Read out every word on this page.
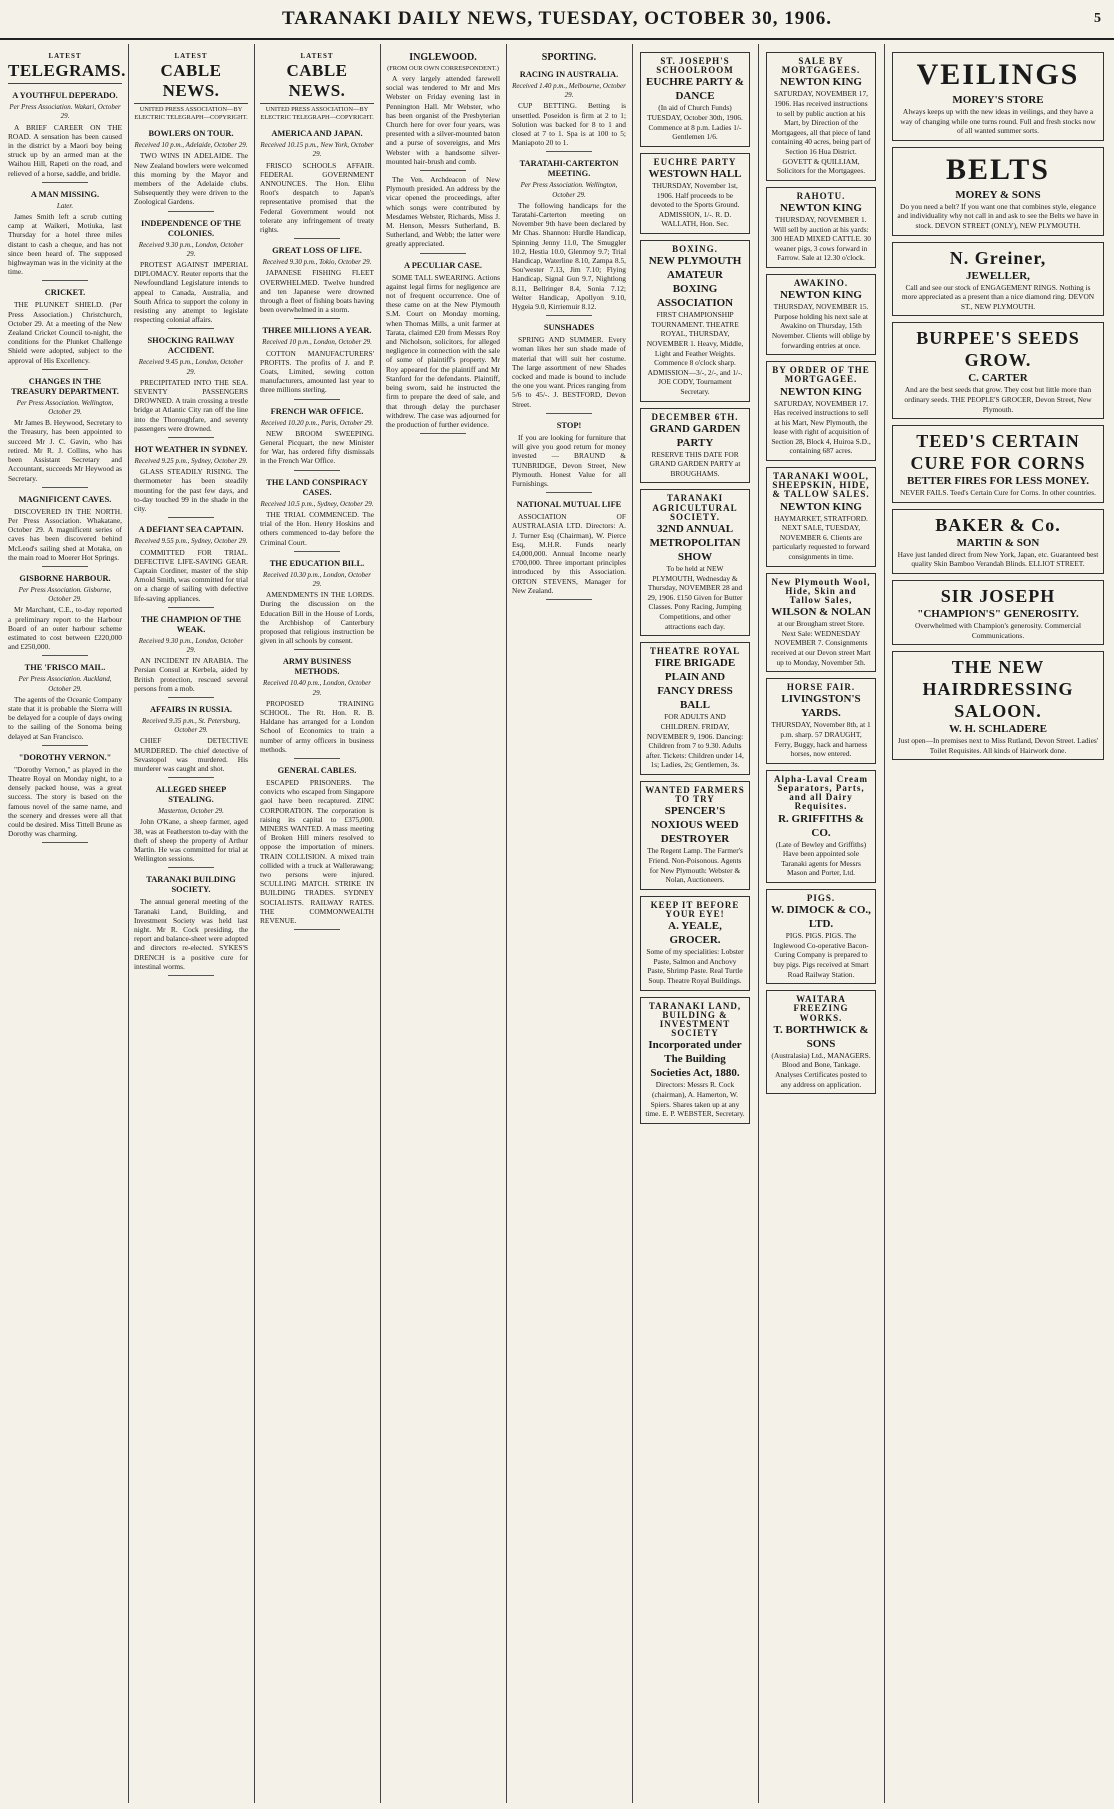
TARANAKI DAILY NEWS, TUESDAY, OCTOBER 30, 1906.	5
LATEST
TELEGRAMS.
A YOUTHFUL DEPERADO.
Per Press Association. Wakari, October 29.
A BRIEF CAREER ON THE ROAD. A sensation has been caused in the district by a Maori boy being struck up by an armed man at the Waihou Hill, Rapeti on the road, and relieved of a horse, saddle, and bridle.
A MAN MISSING.
Later.
James Smith left a scrub cutting camp at Waikeri, Motiuka, last Thursday for a hotel three miles distant to cash a cheque, and has not since been heard of. The supposed highwayman was in the vicinity at the time.
CRICKET.
THE PLUNKET SHIELD. (Per Press Association.) Christchurch, October 29. At a meeting of the New Zealand Cricket Council to-night, the conditions for the Plunket Challenge Shield were adopted, subject to the approval of His Excellency.
CHANGES IN THE TREASURY DEPARTMENT.
Per Press Association. Wellington, October 29.
Mr James B. Heywood, Secretary to the Treasury, has been appointed to succeed Mr J. C. Gavin, who has retired. Mr R. J. Collins, who has been Assistant Secretary and Accountant, succeeds Mr Heywood as Secretary.
MAGNIFICENT CAVES.
DISCOVERED IN THE NORTH. Per Press Association. Whakatane, October 29. A magnificent series of caves has been discovered behind McLeod's sailing shed at Motaka, on the main road to Moerer Hot Springs.
GISBORNE HARBOUR.
Per Press Association. Gisborne, October 29.
Mr Marchant, C.E., to-day reported a preliminary report to the Harbour Board of an outer harbour scheme estimated to cost between £220,000 and £250,000.
THE 'FRISCO MAIL.
Per Press Association. Auckland, October 29.
The agents of the Oceanic Company state that it is probable the Sierra will be delayed for a couple of days owing to the sailing of the Sonoma being delayed at San Francisco.
"DOROTHY VERNON."
"Dorothy Vernon," as played in the Theatre Royal on Monday night, to a densely packed house, was a great success. The story is based on the famous novel of the same name, and the scenery and dresses were all that could be desired. Miss Tittell Brune as Dorothy was charming.
LATEST
CABLE NEWS.
UNITED PRESS ASSOCIATION—BY ELECTRIC TELEGRAPH—COPYRIGHT.
BOWLERS ON TOUR.
Received 10 p.m., Adelaide, October 29.
TWO WINS IN ADELAIDE. The New Zealand bowlers were welcomed this morning by the Mayor and members of the Adelaide clubs. Subsequently they were driven to the Zoological Gardens.
INDEPENDENCE OF THE COLONIES.
Received 9.30 p.m., London, October 29.
PROTEST AGAINST IMPERIAL DIPLOMACY. Reuter reports that the Newfoundland Legislature intends to appeal to Canada, Australia, and South Africa to support the colony in resisting any attempt to legislate respecting colonial affairs.
SHOCKING RAILWAY ACCIDENT.
Received 9.45 p.m., London, October 29.
PRECIPITATED INTO THE SEA. SEVENTY PASSENGERS DROWNED. A train crossing a trestle bridge at Atlantic City ran off the line into the Thoroughfare, and seventy passengers were drowned.
HOT WEATHER IN SYDNEY.
Received 9.25 p.m., Sydney, October 29.
GLASS STEADILY RISING. The thermometer has been steadily mounting for the past few days, and to-day touched 99 in the shade in the city.
A DEFIANT SEA CAPTAIN.
Received 9.55 p.m., Sydney, October 29.
COMMITTED FOR TRIAL. DEFECTIVE LIFE-SAVING GEAR. Captain Cordiner, master of the ship Arnold Smith, was committed for trial on a charge of sailing with defective life-saving appliances.
THE CHAMPION OF THE WEAK.
Received 9.30 p.m., London, October 29.
AN INCIDENT IN ARABIA. The Persian Consul at Kerbela, aided by British protection, rescued several persons from a mob.
AFFAIRS IN RUSSIA.
Received 9.35 p.m., St. Petersburg, October 29.
CHIEF DETECTIVE MURDERED. The chief detective of Sevastopol was murdered. His murderer was caught and shot.
ALLEGED SHEEP STEALING.
Masterton, October 29.
John O'Kane, a sheep farmer, aged 38, was at Featherston to-day with the theft of sheep the property of Arthur Martin. He was committed for trial at Wellington sessions.
TARANAKI BUILDING SOCIETY.
The annual general meeting of the Taranaki Land, Building, and Investment Society was held last night. Mr R. Cock presiding, the report and balance-sheet were adopted and directors re-elected. SYKES'S DRENCH is a positive cure for intestinal worms.
LATEST
CABLE NEWS.
UNITED PRESS ASSOCIATION—BY ELECTRIC TELEGRAPH—COPYRIGHT.
AMERICA AND JAPAN.
Received 10.15 p.m., New York, October 29.
FRISCO SCHOOLS AFFAIR. FEDERAL GOVERNMENT ANNOUNCES. The Hon. Elihu Root's despatch to Japan's representative promised that the Federal Government would not tolerate any infringement of treaty rights.
GREAT LOSS OF LIFE.
Received 9.30 p.m., Tokio, October 29.
JAPANESE FISHING FLEET OVERWHELMED. Twelve hundred and ten Japanese were drowned through a fleet of fishing boats having been overwhelmed in a storm.
THREE MILLIONS A YEAR.
Received 10 p.m., London, October 29.
COTTON MANUFACTURERS' PROFITS. The profits of J. and P. Coats, Limited, sewing cotton manufacturers, amounted last year to three millions sterling.
FRENCH WAR OFFICE.
Received 10.20 p.m., Paris, October 29.
NEW BROOM SWEEPING. General Picquart, the new Minister for War, has ordered fifty dismissals in the French War Office.
THE LAND CONSPIRACY CASES.
Received 10.5 p.m., Sydney, October 29.
THE TRIAL COMMENCED. The trial of the Hon. Henry Hoskins and others commenced to-day before the Criminal Court.
THE EDUCATION BILL.
Received 10.30 p.m., London, October 29.
AMENDMENTS IN THE LORDS. During the discussion on the Education Bill in the House of Lords, the Archbishop of Canterbury proposed that religious instruction be given in all schools by consent.
ARMY BUSINESS METHODS.
Received 10.40 p.m., London, October 29.
PROPOSED TRAINING SCHOOL. The Rt. Hon. R. B. Haldane has arranged for a London School of Economics to train a number of army officers in business methods.
GENERAL CABLES.
ESCAPED PRISONERS. The convicts who escaped from Singapore gaol have been recaptured. ZINC CORPORATION. The corporation is raising its capital to £375,000. MINERS WANTED. A mass meeting of Broken Hill miners resolved to oppose the importation of miners. TRAIN COLLISION. A mixed train collided with a truck at Wallerawang; two persons were injured. SCULLING MATCH. STRIKE IN BUILDING TRADES. SYDNEY SOCIALISTS. RAILWAY RATES. THE COMMONWEALTH REVENUE.
INGLEWOOD.
(FROM OUR OWN CORRESPONDENT.)
A very largely attended farewell social was tendered to Mr and Mrs Webster on Friday evening last in Pennington Hall. Mr Webster, who has been organist of the Presbyterian Church here for over four years, was presented with a silver-mounted baton and a purse of sovereigns, and Mrs Webster with a handsome silver-mounted hair-brush and comb.
The Ven. Archdeacon of New Plymouth presided. An address by the vicar opened the proceedings, after which songs were contributed by Mesdames Webster, Richards, Miss J. M. Henson, Messrs Sutherland, B. Sutherland, and Webb; the latter were greatly appreciated.
A PECULIAR CASE.
SOME TALL SWEARING. Actions against legal firms for negligence are not of frequent occurrence. One of these came on at the New Plymouth S.M. Court on Monday morning, when Thomas Mills, a unit farmer at Tarata, claimed £20 from Messrs Roy and Nicholson, solicitors, for alleged negligence in connection with the sale of some of plaintiff's property. Mr Roy appeared for the plaintiff and Mr Stanford for the defendants. Plaintiff, being sworn, said he instructed the firm to prepare the deed of sale, and that through delay the purchaser withdrew. The case was adjourned for the production of further evidence.
SPORTING.
RACING IN AUSTRALIA.
Received 1.40 p.m., Melbourne, October 29.
CUP BETTING. Betting is unsettled. Poseidon is firm at 2 to 1; Solution was backed for 8 to 1 and closed at 7 to 1. Spa is at 100 to 5; Maniapoto 20 to 1.
TARATAHI-CARTERTON MEETING.
Per Press Association. Wellington, October 29.
The following handicaps for the Taratahi-Carterton meeting on November 9th have been declared by Mr Chas. Shannon: Hurdle Handicap, Spinning Jenny 11.0, The Smuggler 10.2, Hestia 10.0, Glenmoy 9.7; Trial Handicap, Waterline 8.10, Zampa 8.5, Sou'wester 7.13, Jim 7.10; Flying Handicap, Signal Gun 9.7, Nightlong 8.11, Bellringer 8.4, Sonia 7.12; Welter Handicap, Apollyon 9.10, Hygeia 9.0, Kirriemuir 8.12.
SUNSHADES
SPRING AND SUMMER. Every woman likes her sun shade made of material that will suit her costume. The large assortment of new Shades cocked and made is bound to include the one you want. Prices ranging from 5/6 to 45/-. J. BESTFORD, Devon Street.
STOP!
If you are looking for furniture that will give you good return for money invested — BRAUND & TUNBRIDGE, Devon Street, New Plymouth. Honest Value for all Furnishings.
NATIONAL MUTUAL LIFE
ASSOCIATION OF AUSTRALASIA LTD. Directors: A. J. Turner Esq (Chairman), W. Pierce Esq, M.H.R. Funds nearly £4,000,000. Annual Income nearly £700,000. Three important principles introduced by this Association. ORTON STEVENS, Manager for New Zealand.
ST. JOSEPH'S SCHOOLROOM
EUCHRE PARTY & DANCE
(In aid of Church Funds) TUESDAY, October 30th, 1906. Commence at 8 p.m. Ladies 1/- Gentlemen 1/6.
EUCHRE PARTY
WESTOWN HALL
THURSDAY, November 1st, 1906. Half proceeds to be devoted to the Sports Ground. ADMISSION, 1/-. R. D. WALLATH, Hon. Sec.
BOXING.
NEW PLYMOUTH AMATEUR BOXING ASSOCIATION
FIRST CHAMPIONSHIP TOURNAMENT. THEATRE ROYAL, THURSDAY, NOVEMBER 1. Heavy, Middle, Light and Feather Weights. Commence 8 o'clock sharp. ADMISSION—3/-, 2/-, and 1/-. JOE CODY, Tournament Secretary.
DECEMBER 6TH.
GRAND GARDEN PARTY
RESERVE THIS DATE FOR GRAND GARDEN PARTY at BROUGHAMS.
TARANAKI AGRICULTURAL SOCIETY.
32ND ANNUAL METROPOLITAN SHOW
To be held at NEW PLYMOUTH, Wednesday & Thursday, NOVEMBER 28 and 29, 1906. £150 Given for Butter Classes. Pony Racing, Jumping Competitions, and other attractions each day.
THEATRE ROYAL
FIRE BRIGADE PLAIN AND FANCY DRESS BALL
FOR ADULTS AND CHILDREN. FRIDAY, NOVEMBER 9, 1906. Dancing: Children from 7 to 9.30. Adults after. Tickets: Children under 14, 1s; Ladies, 2s; Gentlemen, 3s.
WANTED FARMERS TO TRY
SPENCER'S NOXIOUS WEED DESTROYER
The Regent Lamp. The Farmer's Friend. Non-Poisonous. Agents for New Plymouth: Webster & Nolan, Auctioneers.
KEEP IT BEFORE YOUR EYE!
A. YEALE, GROCER.
Some of my specialities: Lobster Paste, Salmon and Anchovy Paste, Shrimp Paste. Real Turtle Soup. Theatre Royal Buildings.
TARANAKI LAND, BUILDING & INVESTMENT SOCIETY
Incorporated under The Building Societies Act, 1880.
Directors: Messrs R. Cock (chairman), A. Hamerton, W. Spiers. Shares taken up at any time. E. P. WEBSTER, Secretary.
SALE BY MORTGAGEES.
NEWTON KING
SATURDAY, NOVEMBER 17, 1906. Has received instructions to sell by public auction at his Mart, by Direction of the Mortgagees, all that piece of land containing 40 acres, being part of Section 16 Hua District. GOVETT & QUILLIAM, Solicitors for the Mortgagees.
RAHOTU.
NEWTON KING
THURSDAY, NOVEMBER 1. Will sell by auction at his yards: 300 HEAD MIXED CATTLE. 30 weaner pigs, 3 cows forward in Farrow. Sale at 12.30 o'clock.
AWAKINO.
NEWTON KING
THURSDAY, NOVEMBER 15. Purpose holding his next sale at Awakino on Thursday, 15th November. Clients will oblige by forwarding entries at once.
BY ORDER OF THE MORTGAGEE.
NEWTON KING
SATURDAY, NOVEMBER 17. Has received instructions to sell at his Mart, New Plymouth, the lease with right of acquisition of Section 28, Block 4, Huiroa S.D., containing 687 acres.
TARANAKI WOOL, SHEEPSKIN, HIDE, & TALLOW SALES.
NEWTON KING
HAYMARKET, STRATFORD. NEXT SALE, TUESDAY, NOVEMBER 6. Clients are particularly requested to forward consignments in time.
New Plymouth Wool, Hide, Skin and Tallow Sales,
WILSON & NOLAN
at our Brougham street Store. Next Sale: WEDNESDAY NOVEMBER 7. Consignments received at our Devon street Mart up to Monday, November 5th.
HORSE FAIR.
LIVINGSTON'S YARDS.
THURSDAY, November 8th, at 1 p.m. sharp. 57 DRAUGHT, Ferry, Buggy, hack and harness horses, now entered.
Alpha-Laval Cream Separators, Parts, and all Dairy Requisites.
R. GRIFFITHS & CO.
(Late of Bewley and Griffiths) Have been appointed sole Taranaki agents for Messrs Mason and Porter, Ltd.
PIGS.
W. DIMOCK & CO., LTD.
PIGS. PIGS. PIGS. The Inglewood Co-operative Bacon-Curing Company is prepared to buy pigs. Pigs received at Smart Road Railway Station.
WAITARA FREEZING WORKS.
T. BORTHWICK & SONS
(Australasia) Ltd., MANAGERS. Blood and Bone, Tankage. Analyses Certificates posted to any address on application.
VEILINGS
MOREY'S STORE
Always keeps up with the new ideas in veilings, and they have a way of changing while one turns round. Full and fresh stocks now of all wanted summer sorts.
BELTS
MOREY & SONS
Do you need a belt? If you want one that combines style, elegance and individuality why not call in and ask to see the Belts we have in stock. DEVON STREET (ONLY), NEW PLYMOUTH.
N. Greiner,
JEWELLER,
Call and see our stock of ENGAGEMENT RINGS. Nothing is more appreciated as a present than a nice diamond ring. DEVON ST., NEW PLYMOUTH.
BURPEE'S SEEDS GROW.
C. CARTER
And are the best seeds that grow. They cost but little more than ordinary seeds. THE PEOPLE'S GROCER, Devon Street, New Plymouth.
TEED'S CERTAIN CURE FOR CORNS
BETTER FIRES FOR LESS MONEY.
NEVER FAILS. Teed's Certain Cure for Corns. In other countries.
BAKER & Co.
MARTIN & SON
Have just landed direct from New York, Japan, etc. Guaranteed best quality Skin Bamboo Verandah Blinds. ELLIOT STREET.
SIR JOSEPH
"CHAMPION'S" GENEROSITY.
Overwhelmed with Champion's generosity. Commercial Communications.
THE NEW HAIRDRESSING SALOON.
W. H. SCHLADERE
Just open—In premises next to Miss Rutland, Devon Street. Ladies' Toilet Requisites. All kinds of Hairwork done.
